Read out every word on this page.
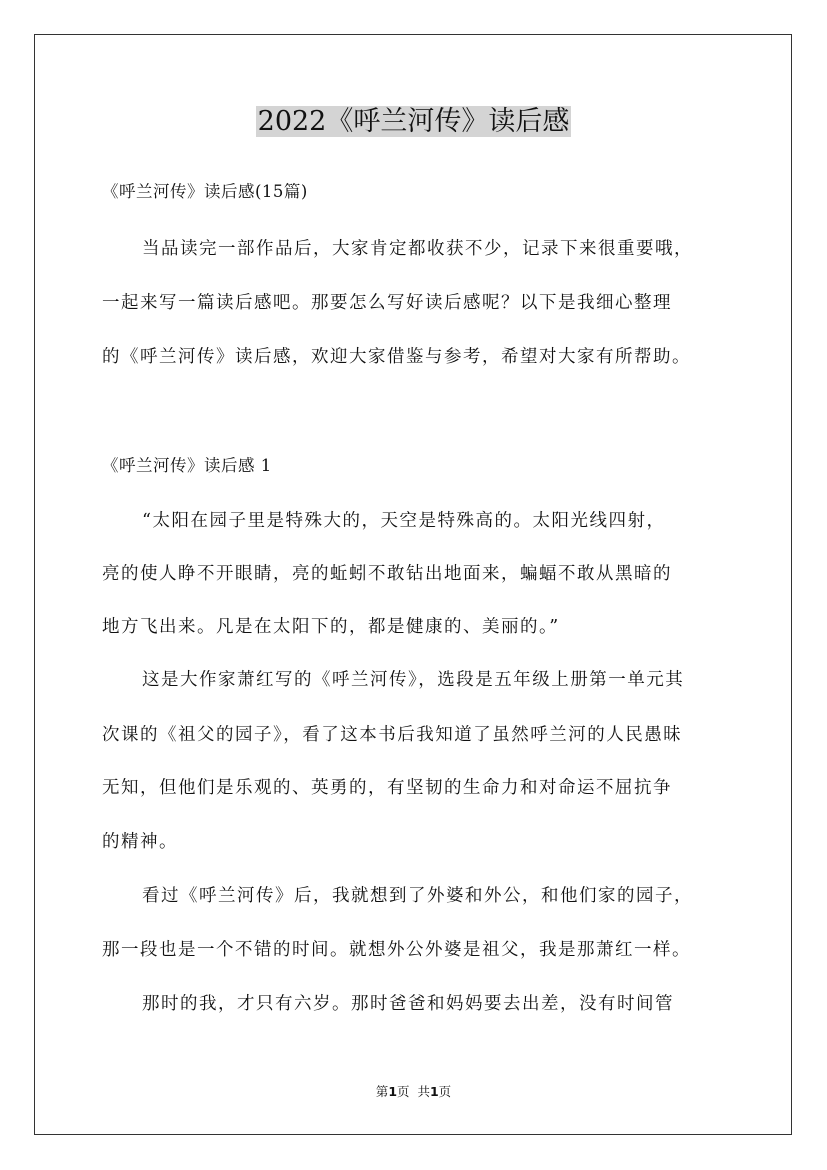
2022《呼兰河传》读后感
《呼兰河传》读后感(15篇)
当品读完一部作品后，大家肯定都收获不少，记录下来很重要哦，
一起来写一篇读后感吧。那要怎么写好读后感呢？以下是我细心整理
的《呼兰河传》读后感，欢迎大家借鉴与参考，希望对大家有所帮助。
《呼兰河传》读后感 1
“太阳在园子里是特殊大的，天空是特殊高的。太阳光线四射，
亮的使人睁不开眼睛，亮的蚯蚓不敢钻出地面来，蝙蝠不敢从黑暗的
地方飞出来。凡是在太阳下的，都是健康的、美丽的。”
这是大作家萧红写的《呼兰河传》，选段是五年级上册第一单元其
次课的《祖父的园子》，看了这本书后我知道了虽然呼兰河的人民愚昧
无知，但他们是乐观的、英勇的，有坚韧的生命力和对命运不屈抗争
的精神。
看过《呼兰河传》后，我就想到了外婆和外公，和他们家的园子，
那一段也是一个不错的时间。就想外公外婆是祖父，我是那萧红一样。
那时的我，才只有六岁。那时爸爸和妈妈要去出差，没有时间管
第1页  共1页
